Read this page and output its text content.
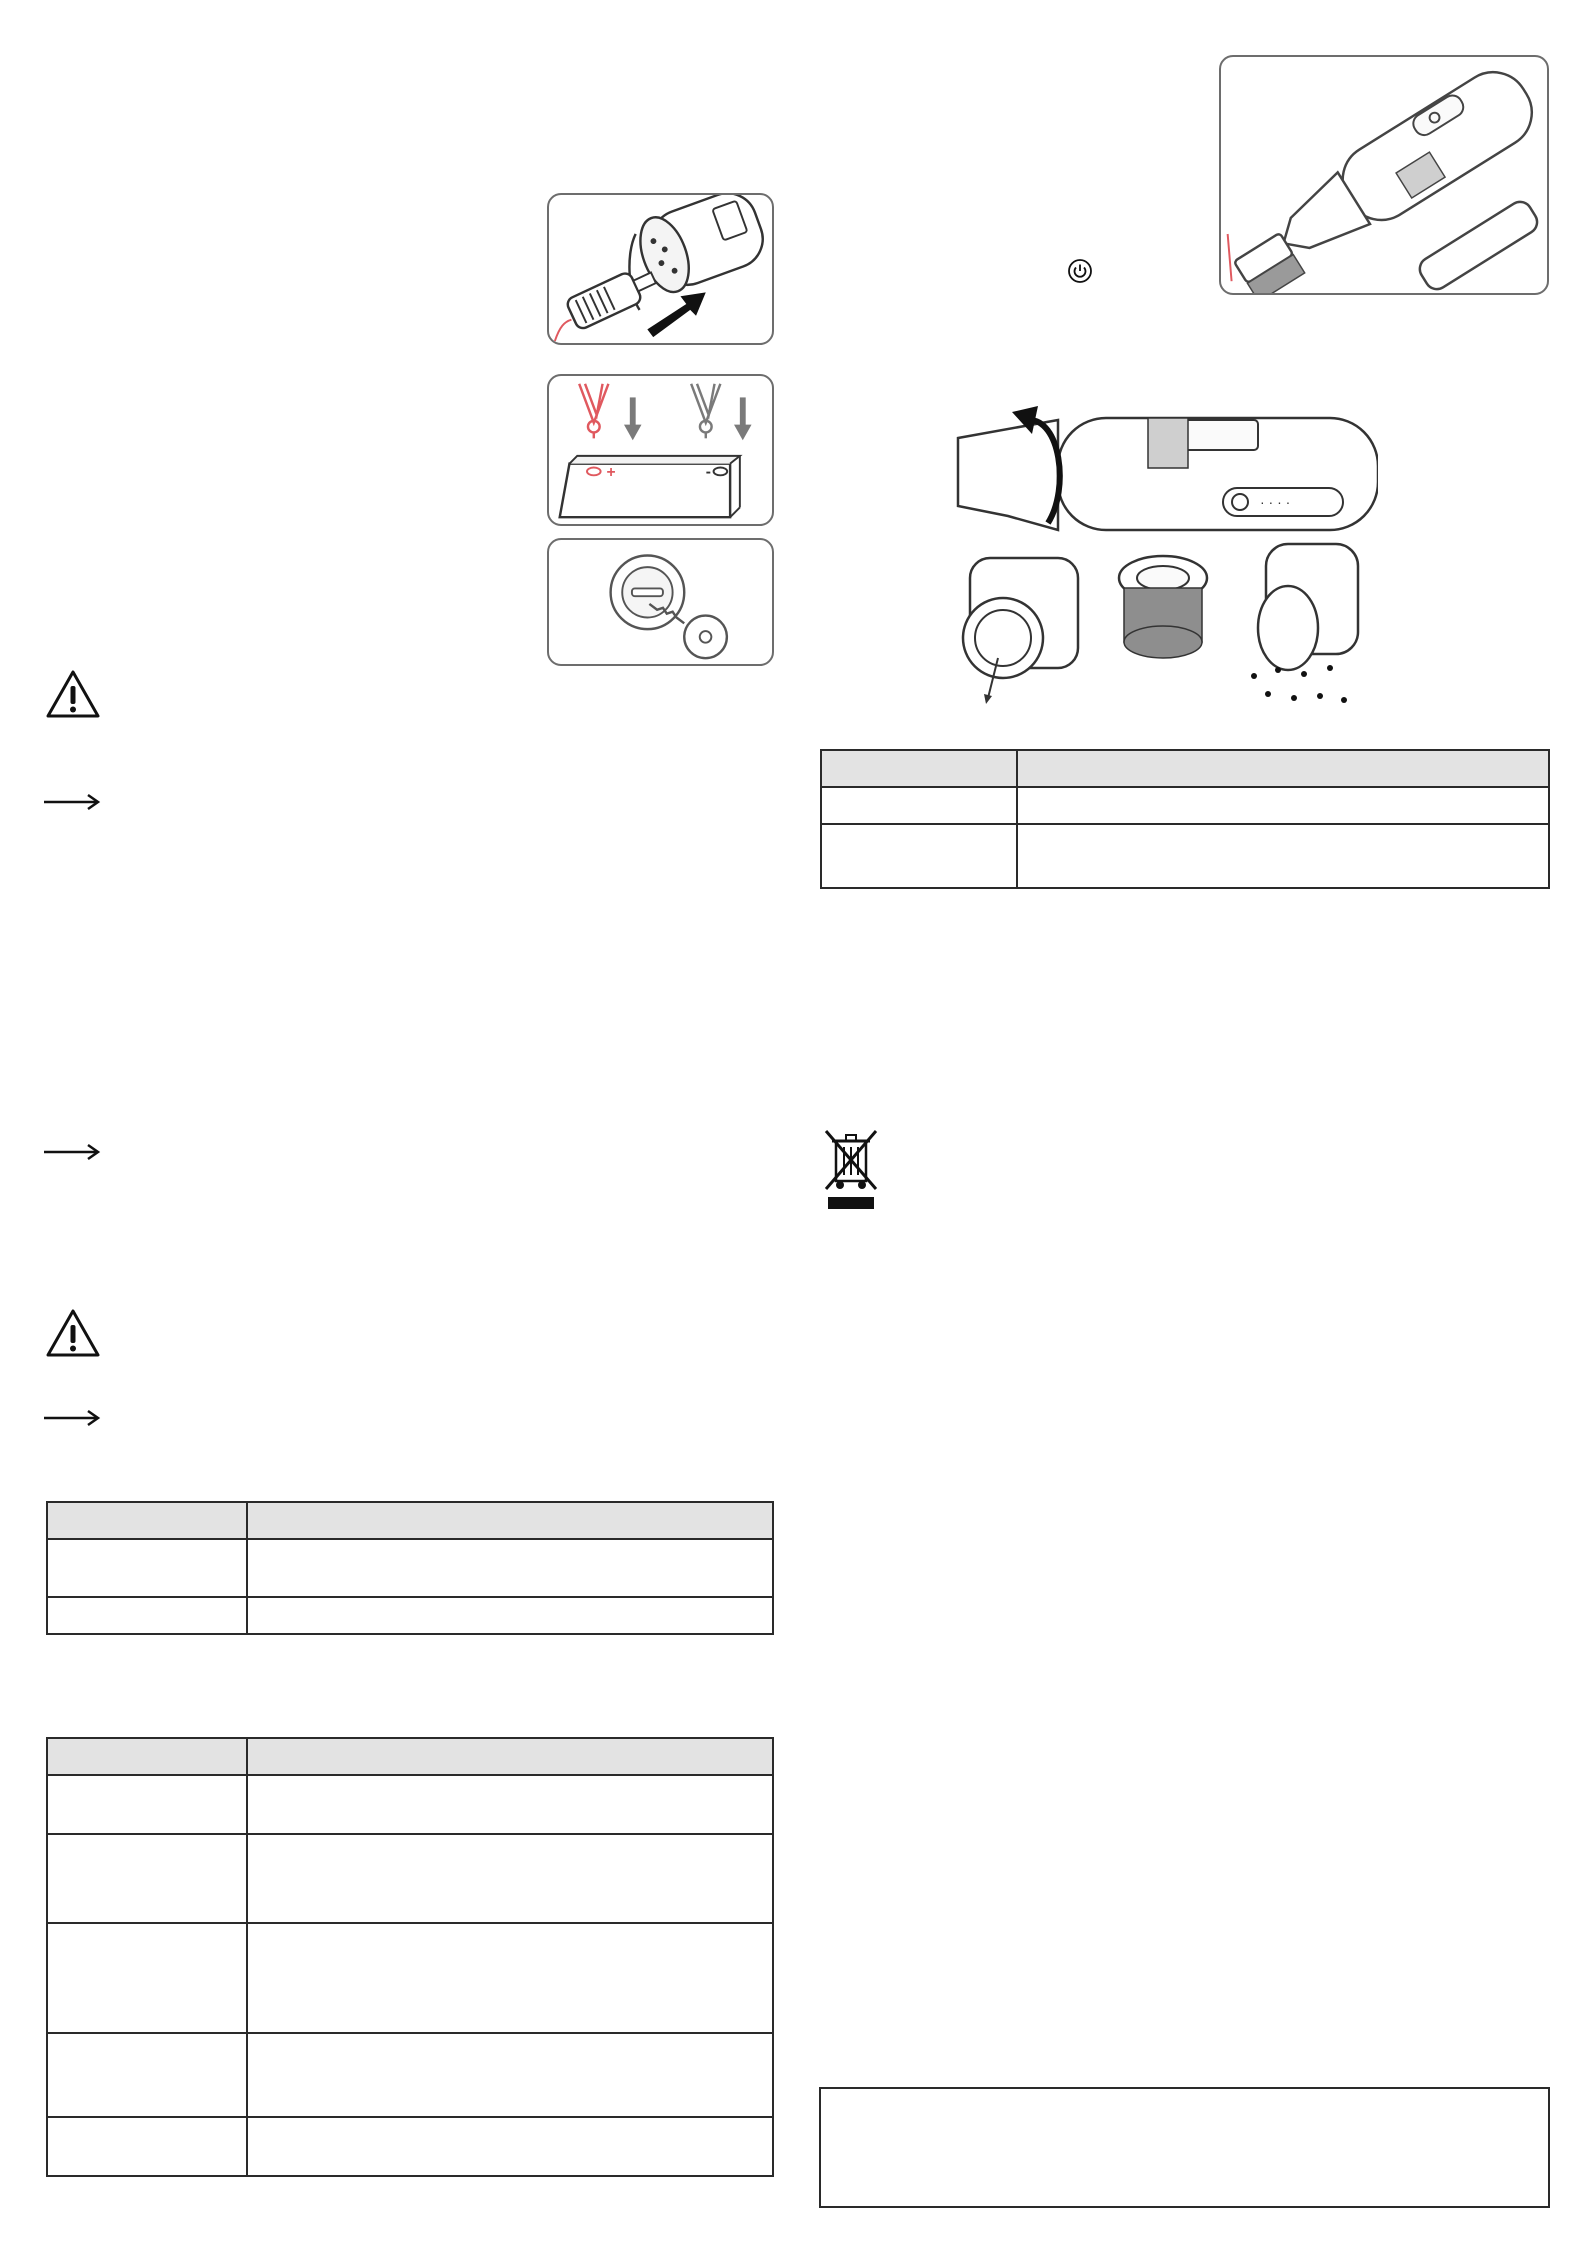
+	-

· · · ·
